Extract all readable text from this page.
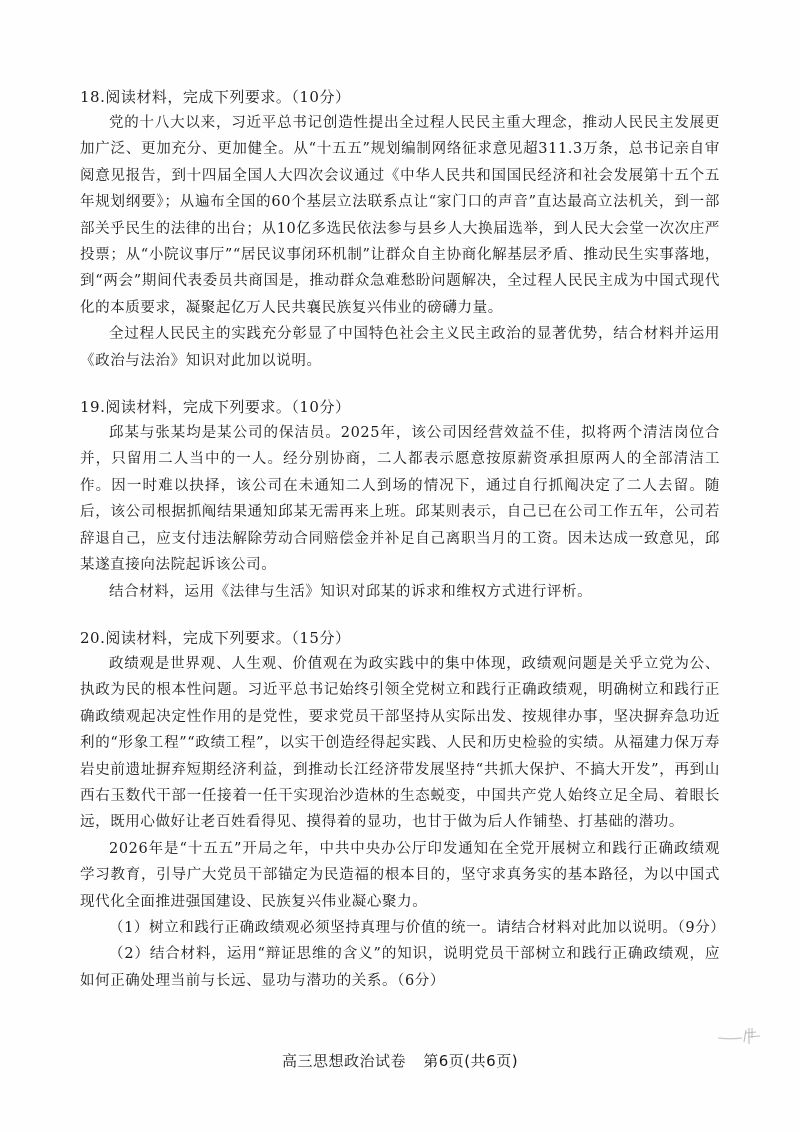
18.阅读材料，完成下列要求。（10分）

党的十八大以来，习近平总书记创造性提出全过程人民民主重大理念，推动人民民主发展更加广泛、更加充分、更加健全。从“十五五”规划编制网络征求意见超311.3万条，总书记亲自审阅意见报告，到十四届全国人大四次会议通过《中华人民共和国国民经济和社会发展第十五个五年规划纲要》；从遍布全国的60个基层立法联系点让“家门口的声音”直达最高立法机关，到一部部关乎民生的法律的出台；从10亿多选民依法参与县乡人大换届选举，到人民大会堂一次次庄严投票；从“小院议事厅”“居民议事闭环机制”让群众自主协商化解基层矛盾、推动民生实事落地，到“两会”期间代表委员共商国是，推动群众急难愁盼问题解决，全过程人民民主成为中国式现代化的本质要求，凝聚起亿万人民共襄民族复兴伟业的磅礴力量。

全过程人民民主的实践充分彰显了中国特色社会主义民主政治的显著优势，结合材料并运用《政治与法治》知识对此加以说明。

19.阅读材料，完成下列要求。（10分）

邱某与张某均是某公司的保洁员。2025年，该公司因经营效益不佳，拟将两个清洁岗位合并，只留用二人当中的一人。经分别协商，二人都表示愿意按原薪资承担原两人的全部清洁工作。因一时难以抉择，该公司在未通知二人到场的情况下，通过自行抓阄决定了二人去留。随后，该公司根据抓阄结果通知邱某无需再来上班。邱某则表示，自己已在公司工作五年，公司若辞退自己，应支付违法解除劳动合同赔偿金并补足自己离职当月的工资。因未达成一致意见，邱某遂直接向法院起诉该公司。

结合材料，运用《法律与生活》知识对邱某的诉求和维权方式进行评析。

20.阅读材料，完成下列要求。（15分）

政绩观是世界观、人生观、价值观在为政实践中的集中体现，政绩观问题是关乎立党为公、执政为民的根本性问题。习近平总书记始终引领全党树立和践行正确政绩观，明确树立和践行正确政绩观起决定性作用的是党性，要求党员干部坚持从实际出发、按规律办事，坚决摒弃急功近利的“形象工程”“政绩工程”，以实干创造经得起实践、人民和历史检验的实绩。从福建力保万寿岩史前遗址摒弃短期经济利益，到推动长江经济带发展坚持“共抓大保护、不搞大开发”，再到山西右玉数代干部一任接着一任干实现治沙造林的生态蜕变，中国共产党人始终立足全局、着眼长远，既用心做好让老百姓看得见、摸得着的显功，也甘于做为后人作铺垫、打基础的潜功。

2026年是“十五五”开局之年，中共中央办公厅印发通知在全党开展树立和践行正确政绩观学习教育，引导广大党员干部锚定为民造福的根本目的，坚守求真务实的基本路径，为以中国式现代化全面推进强国建设、民族复兴伟业凝心聚力。

（1）树立和践行正确政绩观必须坚持真理与价值的统一。请结合材料对此加以说明。（9分）

（2）结合材料，运用“辩证思维的含义”的知识，说明党员干部树立和践行正确政绩观，应如何正确处理当前与长远、显功与潜功的关系。（6分）

高三思想政治试卷 第6页(共6页)
